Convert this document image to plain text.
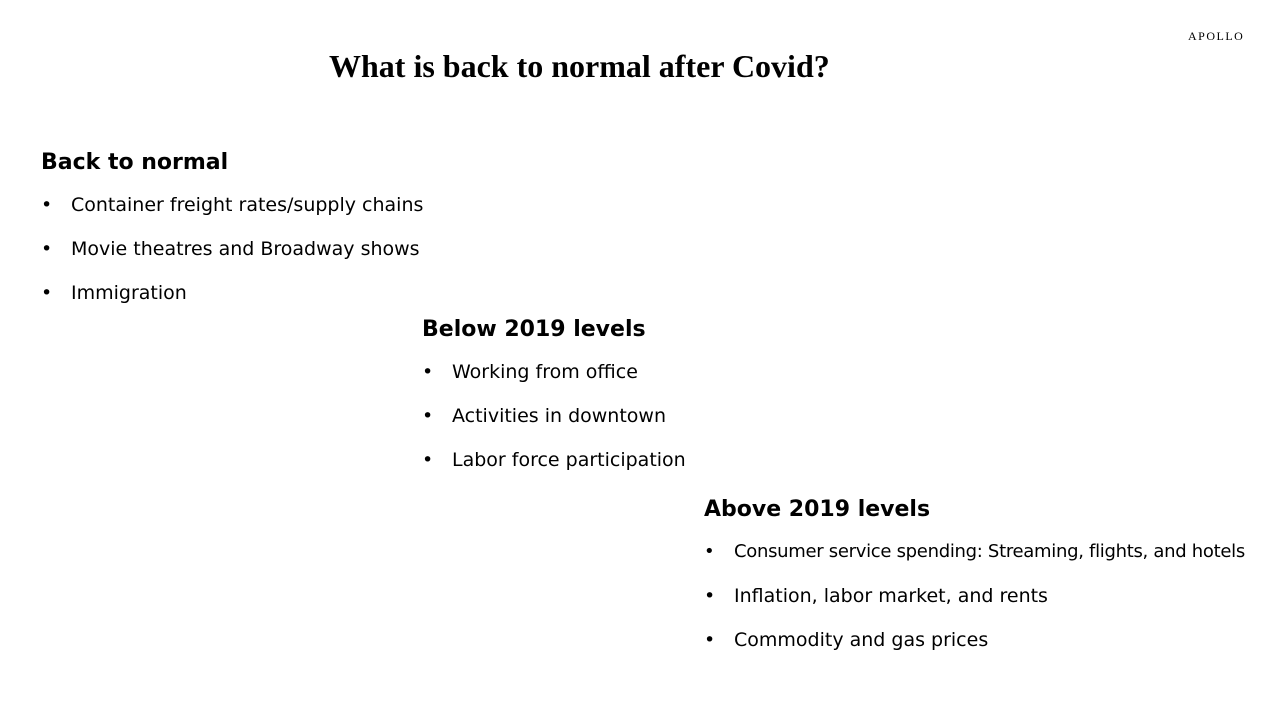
APOLLO
What is back to normal after Covid?
Back to normal
• Container freight rates/supply chains
• Movie theatres and Broadway shows
• Immigration
Below 2019 levels
• Working from office
• Activities in downtown
• Labor force participation
Above 2019 levels
• Consumer service spending: Streaming, flights, and hotels
• Inflation, labor market, and rents
• Commodity and gas prices
